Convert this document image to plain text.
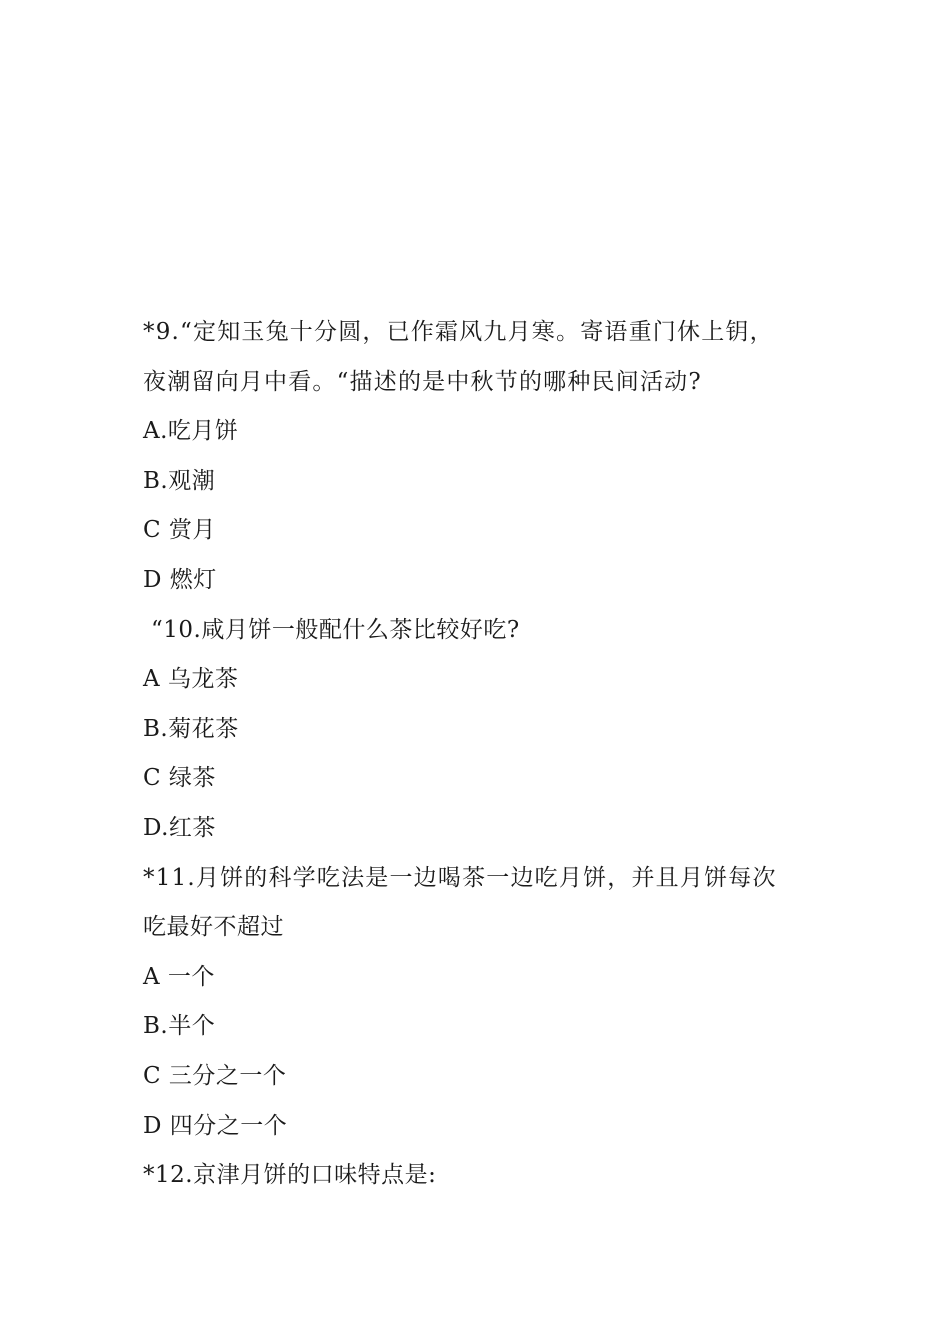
*9.“定知玉兔十分圆，已作霜风九月寒。寄语重门休上钥，
夜潮留向月中看。“描述的是中秋节的哪种民间活动?
A.吃月饼
B.观潮
C 赏月
D 燃灯
“10.咸月饼一般配什么茶比较好吃?
A 乌龙茶
B.菊花茶
C 绿茶
D.红茶
*11.月饼的科学吃法是一边喝茶一边吃月饼，并且月饼每次
吃最好不超过
A 一个
B.半个
C 三分之一个
D 四分之一个
*12.京津月饼的口味特点是:
